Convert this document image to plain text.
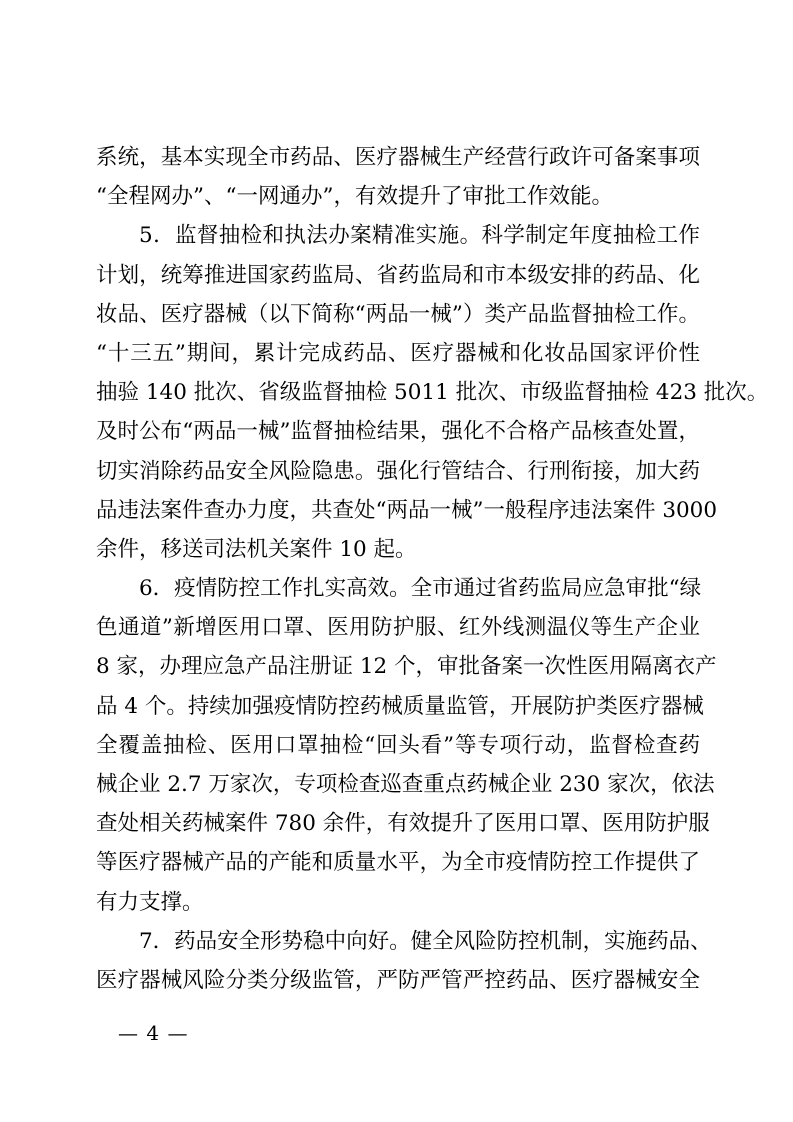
系统，基本实现全市药品、医疗器械生产经营行政许可备案事项
“全程网办”、“一网通办”，有效提升了审批工作效能。
5．监督抽检和执法办案精准实施。科学制定年度抽检工作
计划，统筹推进国家药监局、省药监局和市本级安排的药品、化
妆品、医疗器械（以下简称“两品一械”）类产品监督抽检工作。
“十三五”期间，累计完成药品、医疗器械和化妆品国家评价性
抽验 140 批次、省级监督抽检 5011 批次、市级监督抽检 423 批次。
及时公布“两品一械”监督抽检结果，强化不合格产品核查处置，
切实消除药品安全风险隐患。强化行管结合、行刑衔接，加大药
品违法案件查办力度，共查处“两品一械”一般程序违法案件 3000
余件，移送司法机关案件 10 起。
6．疫情防控工作扎实高效。全市通过省药监局应急审批“绿
色通道”新增医用口罩、医用防护服、红外线测温仪等生产企业
8 家，办理应急产品注册证 12 个，审批备案一次性医用隔离衣产
品 4 个。持续加强疫情防控药械质量监管，开展防护类医疗器械
全覆盖抽检、医用口罩抽检“回头看”等专项行动，监督检查药
械企业 2.7 万家次，专项检查巡查重点药械企业 230 家次，依法
查处相关药械案件 780 余件，有效提升了医用口罩、医用防护服
等医疗器械产品的产能和质量水平，为全市疫情防控工作提供了
有力支撑。
7．药品安全形势稳中向好。健全风险防控机制，实施药品、
医疗器械风险分类分级监管，严防严管严控药品、医疗器械安全
— 4 —
